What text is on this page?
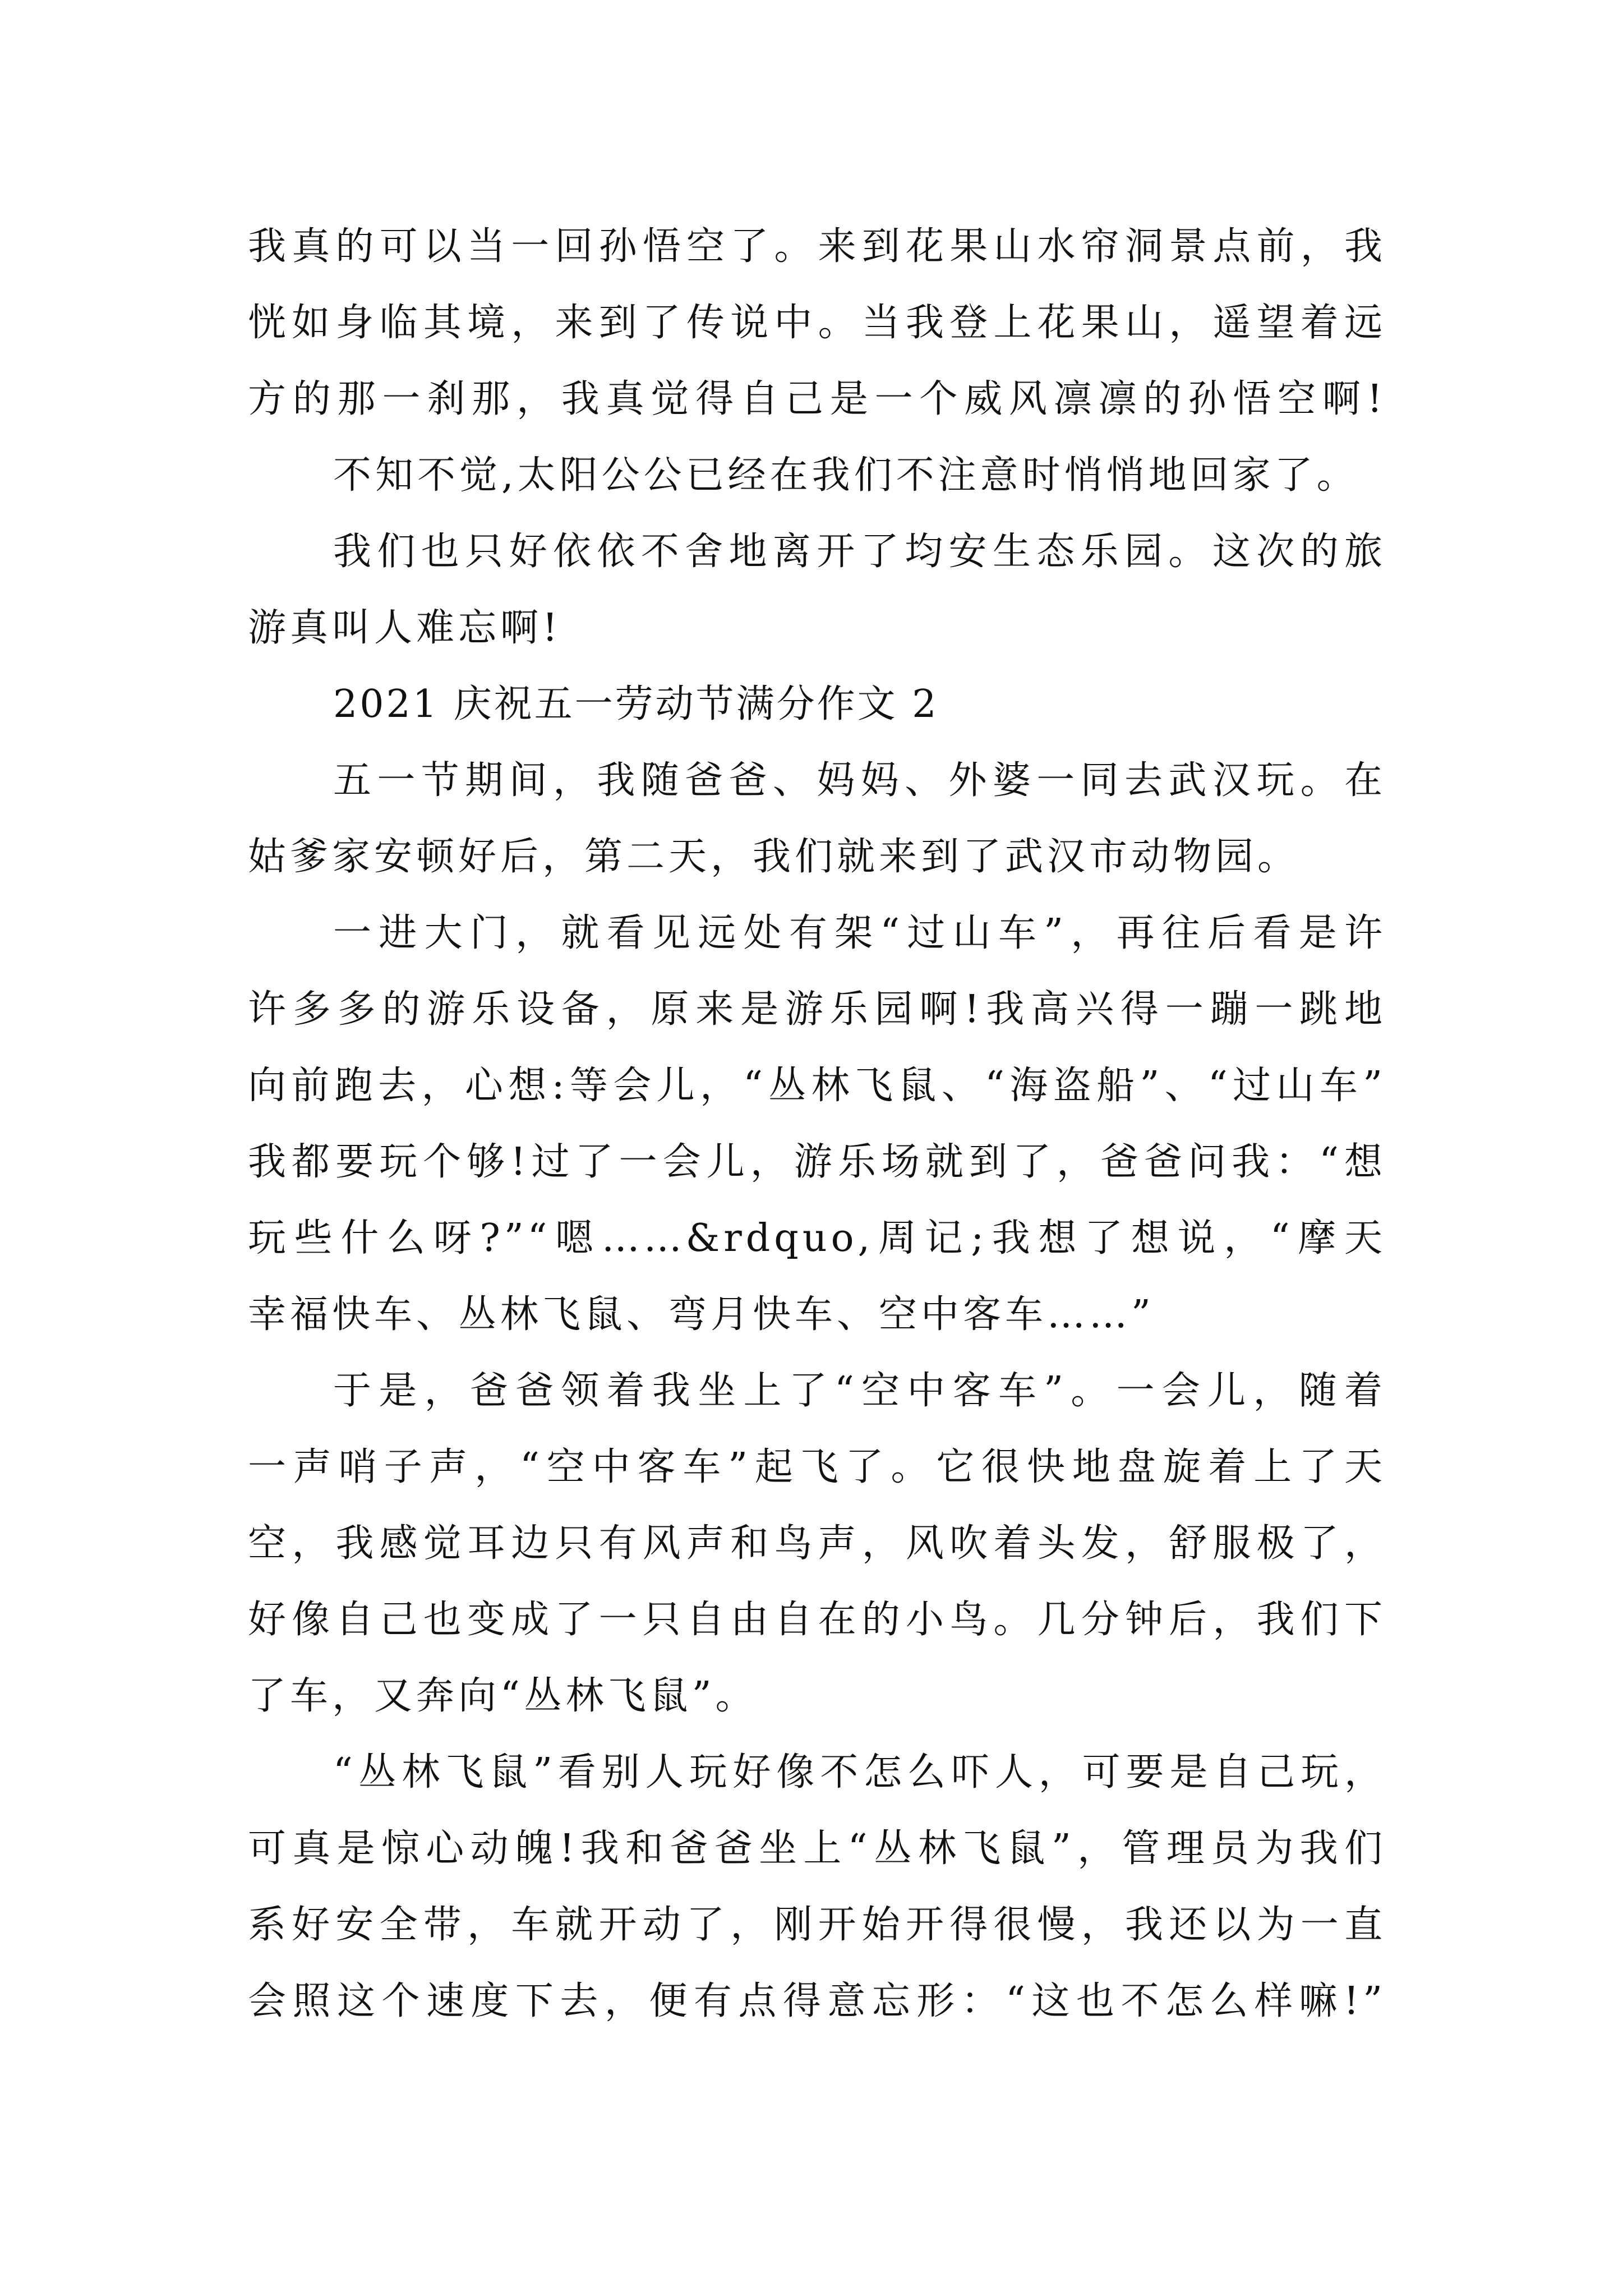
我真的可以当一回孙悟空了。来到花果山水帘洞景点前，我
恍如身临其境，来到了传说中。当我登上花果山，遥望着远
方的那一刹那，我真觉得自己是一个威风凛凛的孙悟空啊!
不知不觉,太阳公公已经在我们不注意时悄悄地回家了。
我们也只好依依不舍地离开了均安生态乐园。这次的旅
游真叫人难忘啊!
2021 庆祝五一劳动节满分作文 2
五一节期间，我随爸爸、妈妈、外婆一同去武汉玩。在
姑爹家安顿好后，第二天，我们就来到了武汉市动物园。
一进大门，就看见远处有架“过山车”，再往后看是许
许多多的游乐设备，原来是游乐园啊!我高兴得一蹦一跳地
向前跑去，心想:等会儿，“丛林飞鼠、“海盗船”、“过山车”
我都要玩个够!过了一会儿，游乐场就到了，爸爸问我：“想
玩些什么呀?”“嗯……&rdquo,周记;我想了想说，“摩天
幸福快车、丛林飞鼠、弯月快车、空中客车……”
于是，爸爸领着我坐上了“空中客车”。一会儿，随着
一声哨子声，“空中客车”起飞了。它很快地盘旋着上了天
空，我感觉耳边只有风声和鸟声，风吹着头发，舒服极了，
好像自己也变成了一只自由自在的小鸟。几分钟后，我们下
了车，又奔向“丛林飞鼠”。
“丛林飞鼠”看别人玩好像不怎么吓人，可要是自己玩，
可真是惊心动魄!我和爸爸坐上“丛林飞鼠”，管理员为我们
系好安全带，车就开动了，刚开始开得很慢，我还以为一直
会照这个速度下去，便有点得意忘形：“这也不怎么样嘛!”
